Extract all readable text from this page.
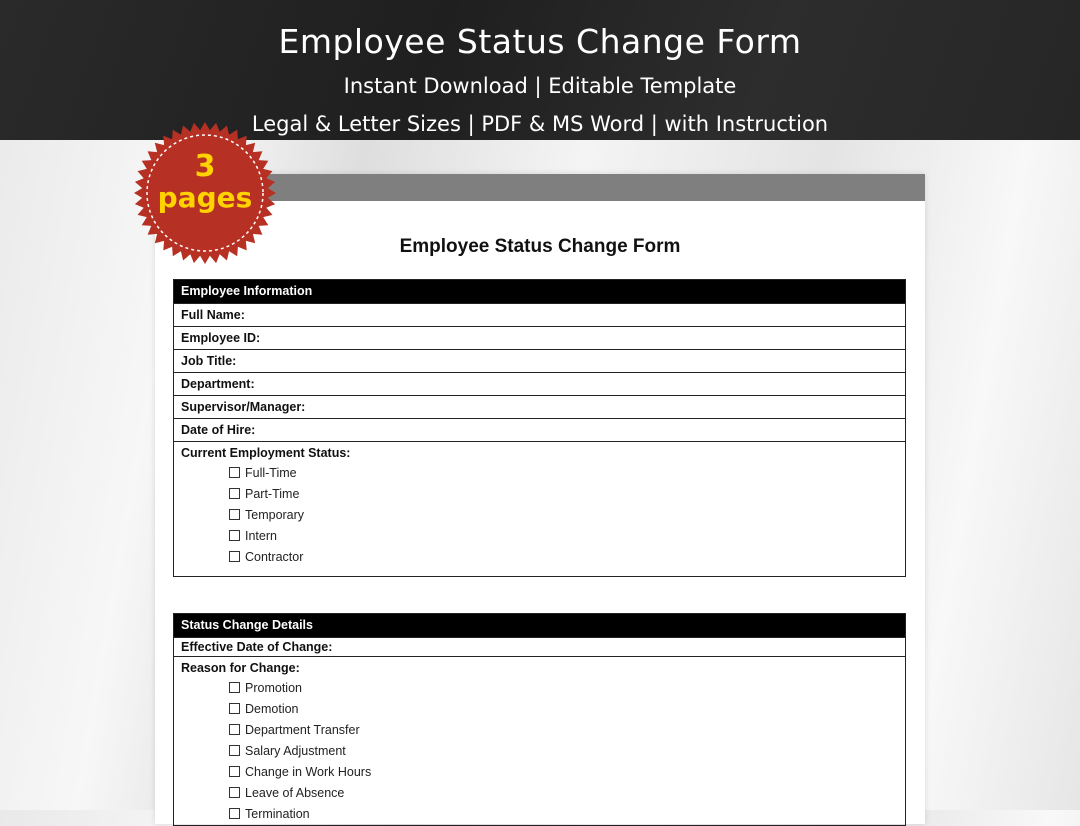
Employee Status Change Form
Instant Download | Editable Template
Legal & Letter Sizes | PDF & MS Word | with Instruction
Employee Status Change Form
Employee Information
Full Name:
Employee ID:
Job Title:
Department:
Supervisor/Manager:
Date of Hire:
Current Employment Status:
Full-Time
Part-Time
Temporary
Intern
Contractor
Status Change Details
Effective Date of Change:
Reason for Change:
Promotion
Demotion
Department Transfer
Salary Adjustment
Change in Work Hours
Leave of Absence
Termination
3
pages
